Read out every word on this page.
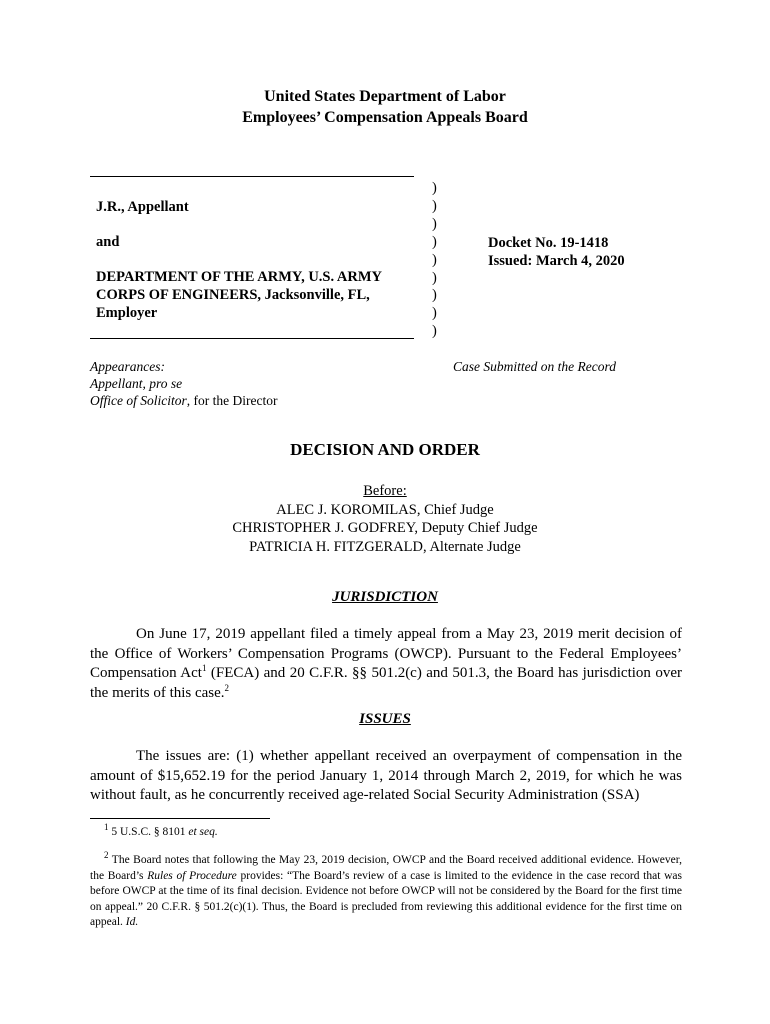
United States Department of Labor
Employees’ Compensation Appeals Board
J.R., Appellant
and
DEPARTMENT OF THE ARMY, U.S. ARMY
CORPS OF ENGINEERS, Jacksonville, FL,
Employer
)
)
)
)
)
)
)
)
)
Docket No. 19-1418
Issued: March 4, 2020
Appearances:
Appellant, pro se
Office of Solicitor, for the Director
Case Submitted on the Record
DECISION AND ORDER
Before:
ALEC J. KOROMILAS, Chief Judge
CHRISTOPHER J. GODFREY, Deputy Chief Judge
PATRICIA H. FITZGERALD, Alternate Judge
JURISDICTION
On June 17, 2019 appellant filed a timely appeal from a May 23, 2019 merit decision of the Office of Workers’ Compensation Programs (OWCP). Pursuant to the Federal Employees’ Compensation Act$^1$ (FECA) and 20 C.F.R. §§ 501.2(c) and 501.3, the Board has jurisdiction over the merits of this case.$^2$
ISSUES
The issues are: (1) whether appellant received an overpayment of compensation in the amount of $15,652.19 for the period January 1, 2014 through March 2, 2019, for which he was without fault, as he concurrently received age-related Social Security Administration (SSA)
$^1$ 5 U.S.C. § 8101 et seq.
$^2$ The Board notes that following the May 23, 2019 decision, OWCP and the Board received additional evidence. However, the Board’s Rules of Procedure provides: “The Board’s review of a case is limited to the evidence in the case record that was before OWCP at the time of its final decision. Evidence not before OWCP will not be considered by the Board for the first time on appeal.” 20 C.F.R. § 501.2(c)(1). Thus, the Board is precluded from reviewing this additional evidence for the first time on appeal. Id.
